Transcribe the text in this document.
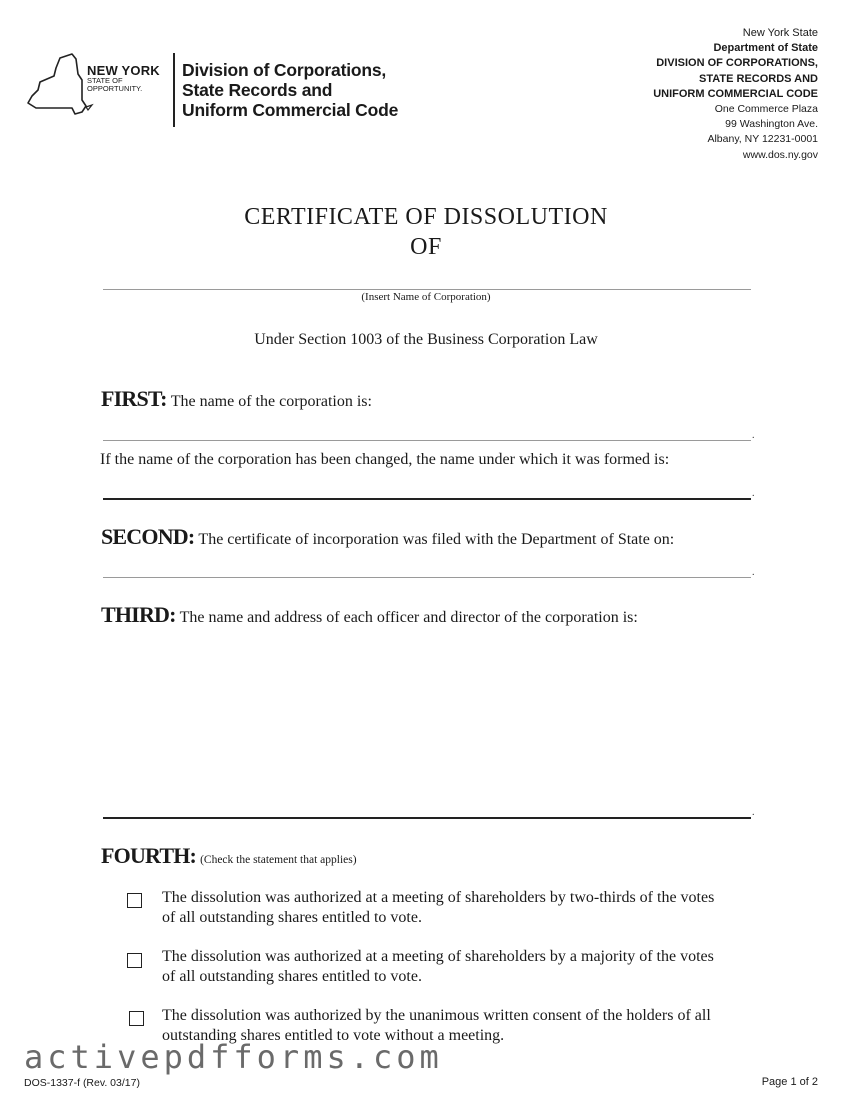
NEW YORK
STATE OF
OPPORTUNITY.
Division of Corporations,
State Records and
Uniform Commercial Code
New York State
Department of State
DIVISION OF CORPORATIONS,
STATE RECORDS AND
UNIFORM COMMERCIAL CODE
One Commerce Plaza
99 Washington Ave.
Albany, NY 12231-0001
www.dos.ny.gov
CERTIFICATE OF DISSOLUTION
OF
(Insert Name of Corporation)
Under Section 1003 of the Business Corporation Law
FIRST: The name of the corporation is:
.
If the name of the corporation has been changed, the name under which it was formed is:
.
SECOND: The certificate of incorporation was filed with the Department of State on:
.
THIRD: The name and address of each officer and director of the corporation is:
.
FOURTH: (Check the statement that applies)
The dissolution was authorized at a meeting of shareholders by two-thirds of the votes
of all outstanding shares entitled to vote.
The dissolution was authorized at a meeting of shareholders by a majority of the votes
of all outstanding shares entitled to vote.
The dissolution was authorized by the unanimous written consent of the holders of all
outstanding shares entitled to vote without a meeting.
activepdfforms.com
DOS-1337-f (Rev. 03/17)	Page 1 of 2
